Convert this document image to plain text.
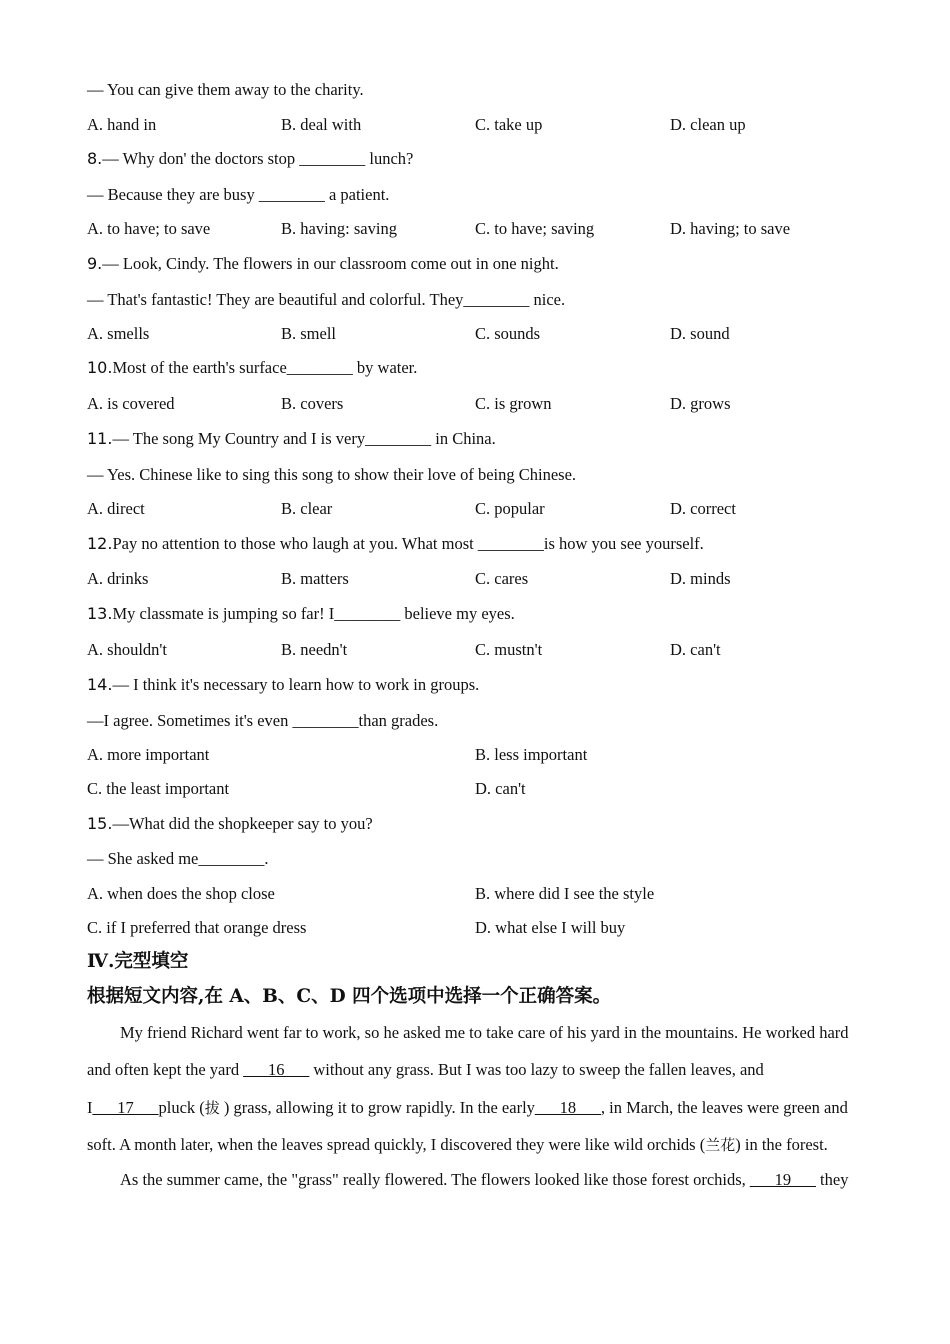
— You can give them away to the charity.
A. hand in	B. deal with	C. take up	D. clean up
8.— Why don' the doctors stop ________ lunch?
— Because they are busy ________ a patient.
A. to have; to save	B. having: saving	C. to have; saving	D. having; to save
9.— Look, Cindy. The flowers in our classroom come out in one night.
— That's fantastic! They are beautiful and colorful. They________ nice.
A. smells	B. smell	C. sounds	D. sound
10.Most of the earth's surface________ by water.
A. is covered	B. covers	C. is grown	D. grows
11.— The song My Country and I is very________ in China.
— Yes. Chinese like to sing this song to show their love of being Chinese.
A. direct	B. clear	C. popular	D. correct
12.Pay no attention to those who laugh at you. What most ________is how you see yourself.
A. drinks	B. matters	C. cares	D. minds
13.My classmate is jumping so far! I________ believe my eyes.
A. shouldn't	B. needn't	C. mustn't	D. can't
14.— I think it's necessary to learn how to work in groups.
—I agree. Sometimes it's even ________than grades.
A. more important	B. less important
C. the least important	D. can't
15.—What did the shopkeeper say to you?
— She asked me________.
A. when does the shop close	B. where did I see the style
C. if I preferred that orange dress	D. what else I will buy
Ⅳ.完型填空
根据短文内容,在 A、B、C、D 四个选项中选择一个正确答案。
My friend Richard went far to work, so he asked me to take care of his yard in the mountains. He worked hard
and often kept the yard ___16___ without any grass. But I was too lazy to sweep the fallen leaves, and
I___17___pluck (拔 ) grass, allowing it to grow rapidly. In the early___18___, in March, the leaves were green and
soft. A month later, when the leaves spread quickly, I discovered they were like wild orchids (兰花) in the forest.
As the summer came, the "grass" really flowered. The flowers looked like those forest orchids, ___19___ they
